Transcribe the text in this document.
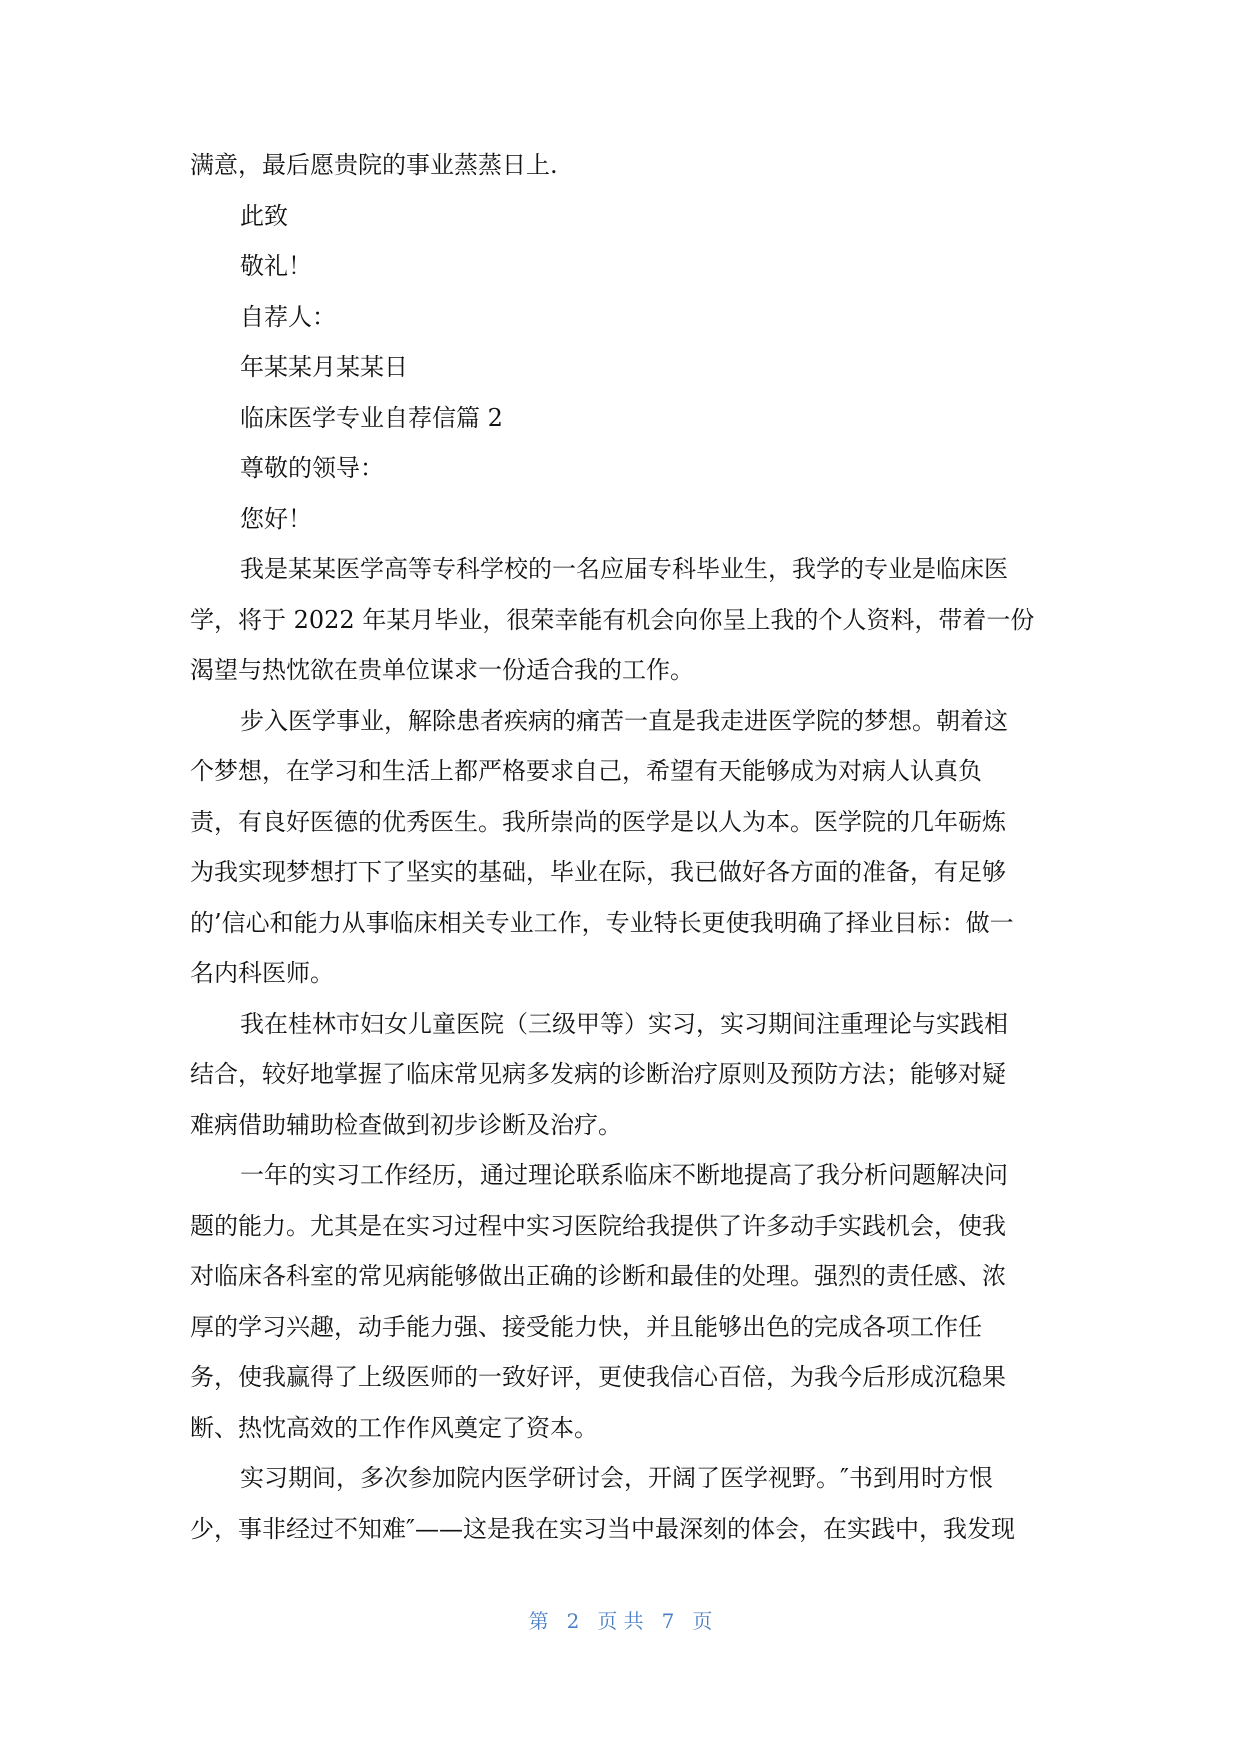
满意，最后愿贵院的事业蒸蒸日上.
此致
敬礼！
自荐人：
年某某月某某日
临床医学专业自荐信篇 2
尊敬的领导：
您好！
我是某某医学高等专科学校的一名应届专科毕业生，我学的专业是临床医
学，将于 2022 年某月毕业，很荣幸能有机会向你呈上我的个人资料，带着一份
渴望与热忱欲在贵单位谋求一份适合我的工作。
步入医学事业，解除患者疾病的痛苦一直是我走进医学院的梦想。朝着这
个梦想，在学习和生活上都严格要求自己，希望有天能够成为对病人认真负
责，有良好医德的优秀医生。我所崇尚的医学是以人为本。医学院的几年砺炼
为我实现梦想打下了坚实的基础，毕业在际，我已做好各方面的准备，有足够
的’信心和能力从事临床相关专业工作，专业特长更使我明确了择业目标：做一
名内科医师。
我在桂林市妇女儿童医院（三级甲等）实习，实习期间注重理论与实践相
结合，较好地掌握了临床常见病多发病的诊断治疗原则及预防方法；能够对疑
难病借助辅助检查做到初步诊断及治疗。
一年的实习工作经历，通过理论联系临床不断地提高了我分析问题解决问
题的能力。尤其是在实习过程中实习医院给我提供了许多动手实践机会，使我
对临床各科室的常见病能够做出正确的诊断和最佳的处理。强烈的责任感、浓
厚的学习兴趣，动手能力强、接受能力快，并且能够出色的完成各项工作任
务，使我赢得了上级医师的一致好评，更使我信心百倍，为我今后形成沉稳果
断、热忱高效的工作作风奠定了资本。
实习期间，多次参加院内医学研讨会，开阔了医学视野。″书到用时方恨
少，事非经过不知难″——这是我在实习当中最深刻的体会，在实践中，我发现
第 2 页 共 7 页
